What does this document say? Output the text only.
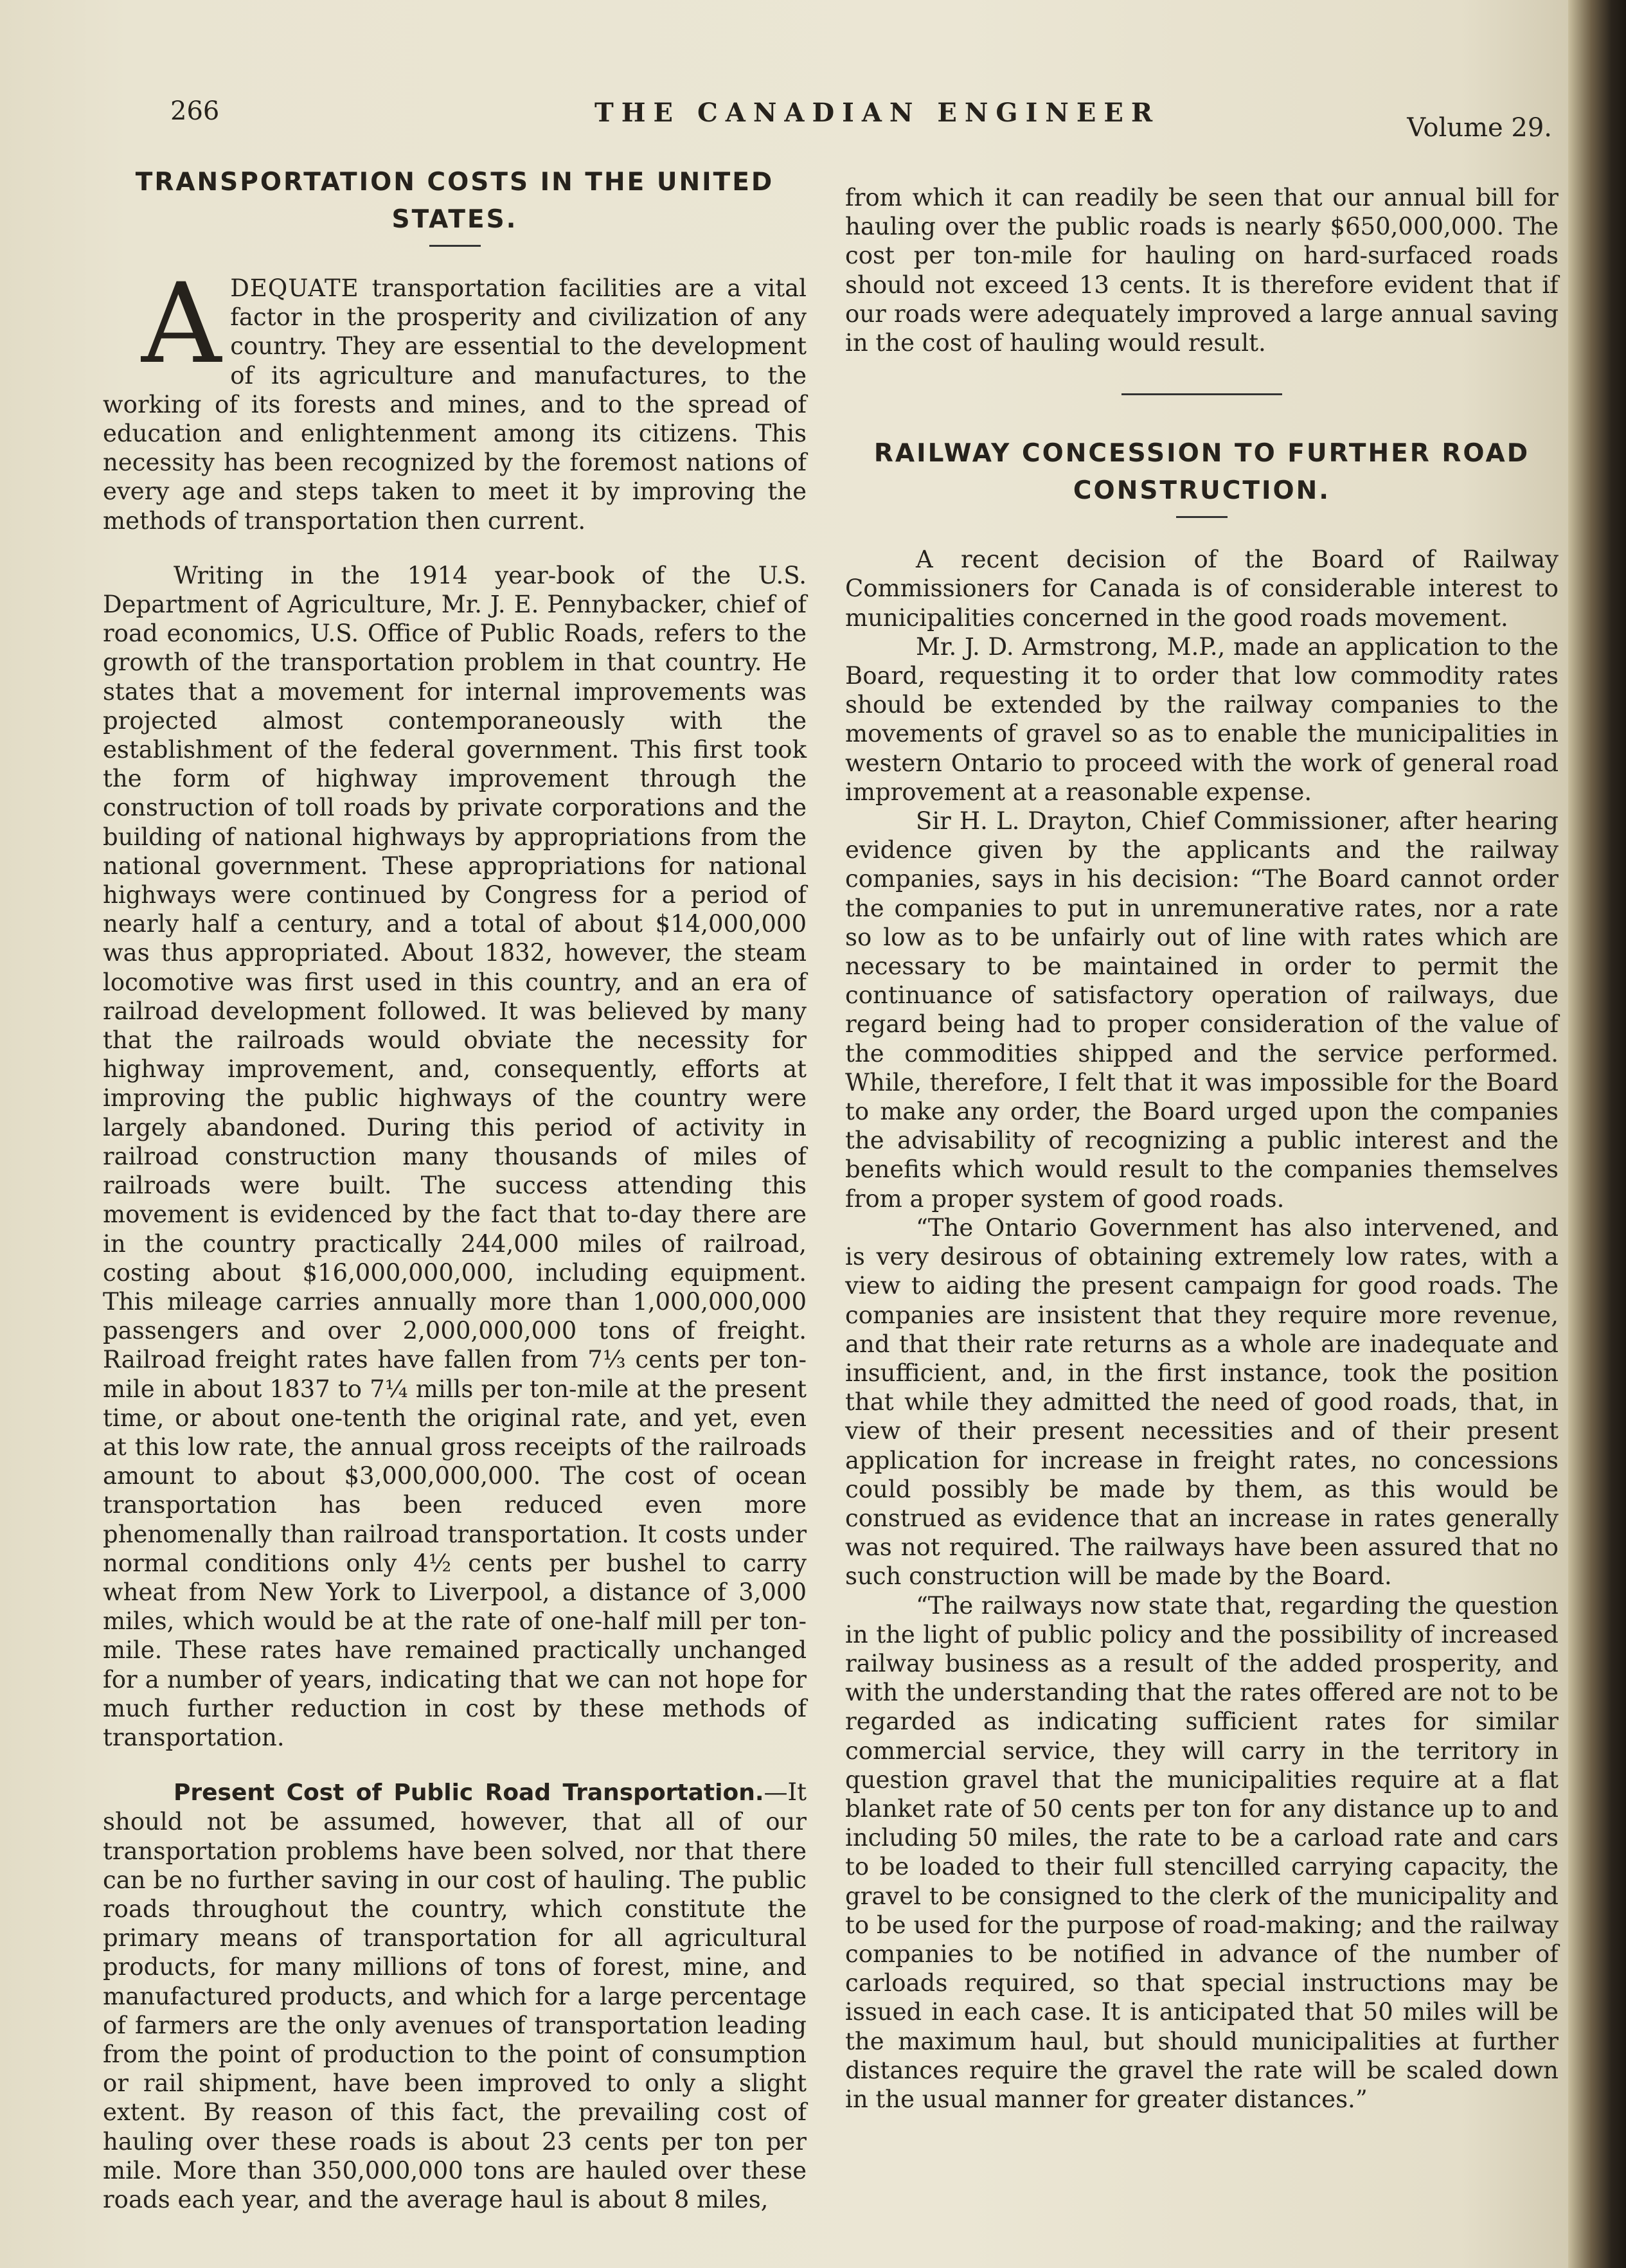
266	THE CANADIAN ENGINEER	Volume 29.
TRANSPORTATION COSTS IN THE UNITED
STATES.

ADEQUATE transportation facilities are a vital factor in the prosperity and civilization of any country. They are essential to the development of its agriculture and manufactures, to the working of its forests and mines, and to the spread of education and enlightenment among its citizens. This necessity has been recognized by the foremost nations of every age and steps taken to meet it by improving the methods of transportation then current.

Writing in the 1914 year-book of the U.S. Department of Agriculture, Mr. J. E. Pennybacker, chief of road economics, U.S. Office of Public Roads, refers to the growth of the transportation problem in that country. He states that a movement for internal improvements was projected almost contemporaneously with the establishment of the federal government. This first took the form of highway improvement through the construction of toll roads by private corporations and the building of national highways by appropriations from the national government. These appropriations for national highways were continued by Congress for a period of nearly half a century, and a total of about $14,000,000 was thus appropriated. About 1832, however, the steam locomotive was first used in this country, and an era of railroad development followed. It was believed by many that the railroads would obviate the necessity for highway improvement, and, consequently, efforts at improving the public highways of the country were largely abandoned. During this period of activity in railroad construction many thousands of miles of railroads were built. The success attending this movement is evidenced by the fact that to-day there are in the country practically 244,000 miles of railroad, costing about $16,000,000,000, including equipment. This mileage carries annually more than 1,000,000,000 passengers and over 2,000,000,000 tons of freight. Railroad freight rates have fallen from 7⅓ cents per ton-mile in about 1837 to 7¼ mills per ton-mile at the present time, or about one-tenth the original rate, and yet, even at this low rate, the annual gross receipts of the railroads amount to about $3,000,000,000. The cost of ocean transportation has been reduced even more phenomenally than railroad transportation. It costs under normal conditions only 4½ cents per bushel to carry wheat from New York to Liverpool, a distance of 3,000 miles, which would be at the rate of one-half mill per ton-mile. These rates have remained practically unchanged for a number of years, indicating that we can not hope for much further reduction in cost by these methods of transportation.

Present Cost of Public Road Transportation.—It should not be assumed, however, that all of our transportation problems have been solved, nor that there can be no further saving in our cost of hauling. The public roads throughout the country, which constitute the primary means of transportation for all agricultural products, for many millions of tons of forest, mine, and manufactured products, and which for a large percentage of farmers are the only avenues of transportation leading from the point of production to the point of consumption or rail shipment, have been improved to only a slight extent. By reason of this fact, the prevailing cost of hauling over these roads is about 23 cents per ton per mile. More than 350,000,000 tons are hauled over these roads each year, and the average haul is about 8 miles,

from which it can readily be seen that our annual bill for hauling over the public roads is nearly $650,000,000. The cost per ton-mile for hauling on hard-surfaced roads should not exceed 13 cents. It is therefore evident that if our roads were adequately improved a large annual saving in the cost of hauling would result.

RAILWAY CONCESSION TO FURTHER ROAD
CONSTRUCTION.

A recent decision of the Board of Railway Commissioners for Canada is of considerable interest to municipalities concerned in the good roads movement.

Mr. J. D. Armstrong, M.P., made an application to the Board, requesting it to order that low commodity rates should be extended by the railway companies to the movements of gravel so as to enable the municipalities in western Ontario to proceed with the work of general road improvement at a reasonable expense.

Sir H. L. Drayton, Chief Commissioner, after hearing evidence given by the applicants and the railway companies, says in his decision: “The Board cannot order the companies to put in unremunerative rates, nor a rate so low as to be unfairly out of line with rates which are necessary to be maintained in order to permit the continuance of satisfactory operation of railways, due regard being had to proper consideration of the value of the commodities shipped and the service performed. While, therefore, I felt that it was impossible for the Board to make any order, the Board urged upon the companies the advisability of recognizing a public interest and the benefits which would result to the companies themselves from a proper system of good roads.

“The Ontario Government has also intervened, and is very desirous of obtaining extremely low rates, with a view to aiding the present campaign for good roads. The companies are insistent that they require more revenue, and that their rate returns as a whole are inadequate and insufficient, and, in the first instance, took the position that while they admitted the need of good roads, that, in view of their present necessities and of their present application for increase in freight rates, no concessions could possibly be made by them, as this would be construed as evidence that an increase in rates generally was not required. The railways have been assured that no such construction will be made by the Board.

“The railways now state that, regarding the question in the light of public policy and the possibility of increased railway business as a result of the added prosperity, and with the understanding that the rates offered are not to be regarded as indicating sufficient rates for similar commercial service, they will carry in the territory in question gravel that the municipalities require at a flat blanket rate of 50 cents per ton for any distance up to and including 50 miles, the rate to be a carload rate and cars to be loaded to their full stencilled carrying capacity, the gravel to be consigned to the clerk of the municipality and to be used for the purpose of road-making; and the railway companies to be notified in advance of the number of carloads required, so that special instructions may be issued in each case. It is anticipated that 50 miles will be the maximum haul, but should municipalities at further distances require the gravel the rate will be scaled down in the usual manner for greater distances.”
